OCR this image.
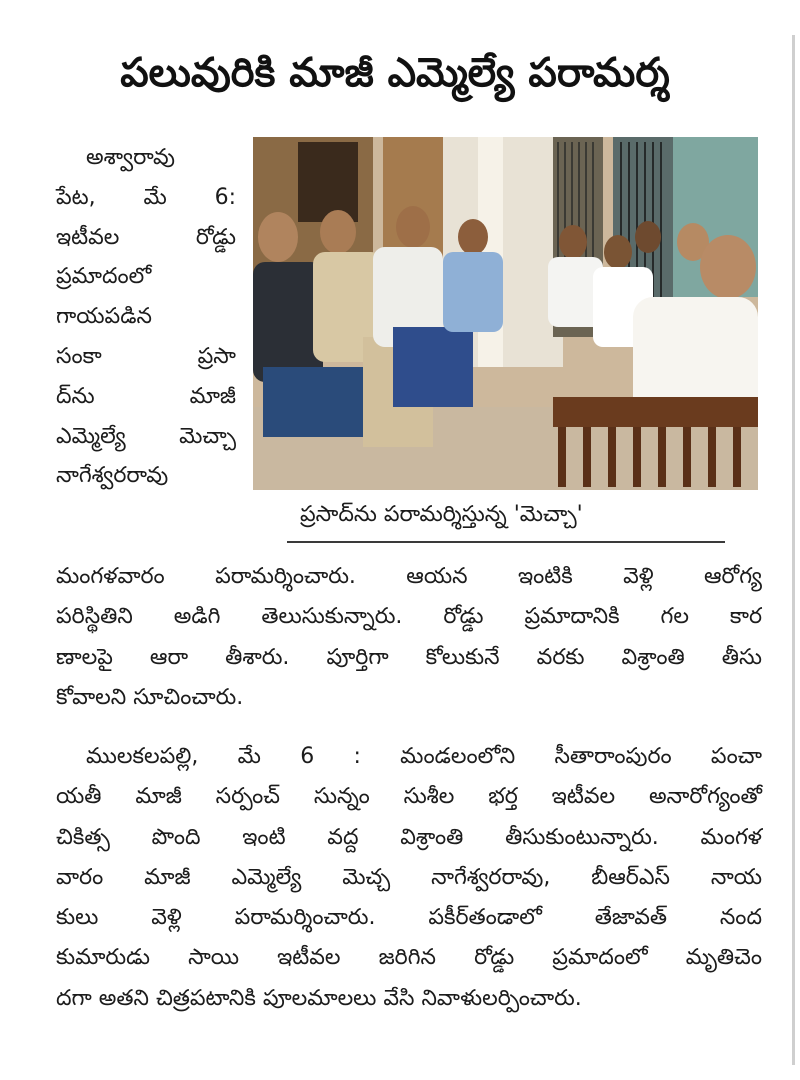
పలువురికి మాజీ ఎమ్మెల్యే పరామర్శ
అశ్వారావు
పేట, మే 6:
ఇటీవల రోడ్డు
ప్రమాదంలో
గాయపడిన
సంకా ప్రసా
ద్‌ను మాజీ
ఎమ్మెల్యే మెచ్చా
నాగేశ్వరరావు
ప్రసాద్‌ను పరామర్శిస్తున్న 'మెచ్చా'
మంగళవారం పరామర్శించారు. ఆయన ఇంటికి వెళ్లి ఆరోగ్య
పరిస్థితిని అడిగి తెలుసుకున్నారు. రోడ్డు ప్రమాదానికి గల కార
ణాలపై ఆరా తీశారు. పూర్తిగా కోలుకునే వరకు విశ్రాంతి తీసు
కోవాలని సూచించారు.
ములకలపల్లి, మే 6 : మండలంలోని సీతారాంపురం పంచా
యతీ మాజీ సర్పంచ్ సున్నం సుశీల భర్త ఇటీవల అనారోగ్యంతో
చికిత్స పొంది ఇంటి వద్ద విశ్రాంతి తీసుకుంటున్నారు. మంగళ
వారం మాజీ ఎమ్మెల్యే మెచ్చ నాగేశ్వరరావు, బీఆర్ఎస్ నాయ
కులు వెళ్లి పరామర్శించారు. పకీర్‌తండాలో తేజావత్ నంద
కుమారుడు సాయి ఇటీవల జరిగిన రోడ్డు ప్రమాదంలో మృతిచెం
దగా అతని చిత్రపటానికి పూలమాలలు వేసి నివాళులర్పించారు.
